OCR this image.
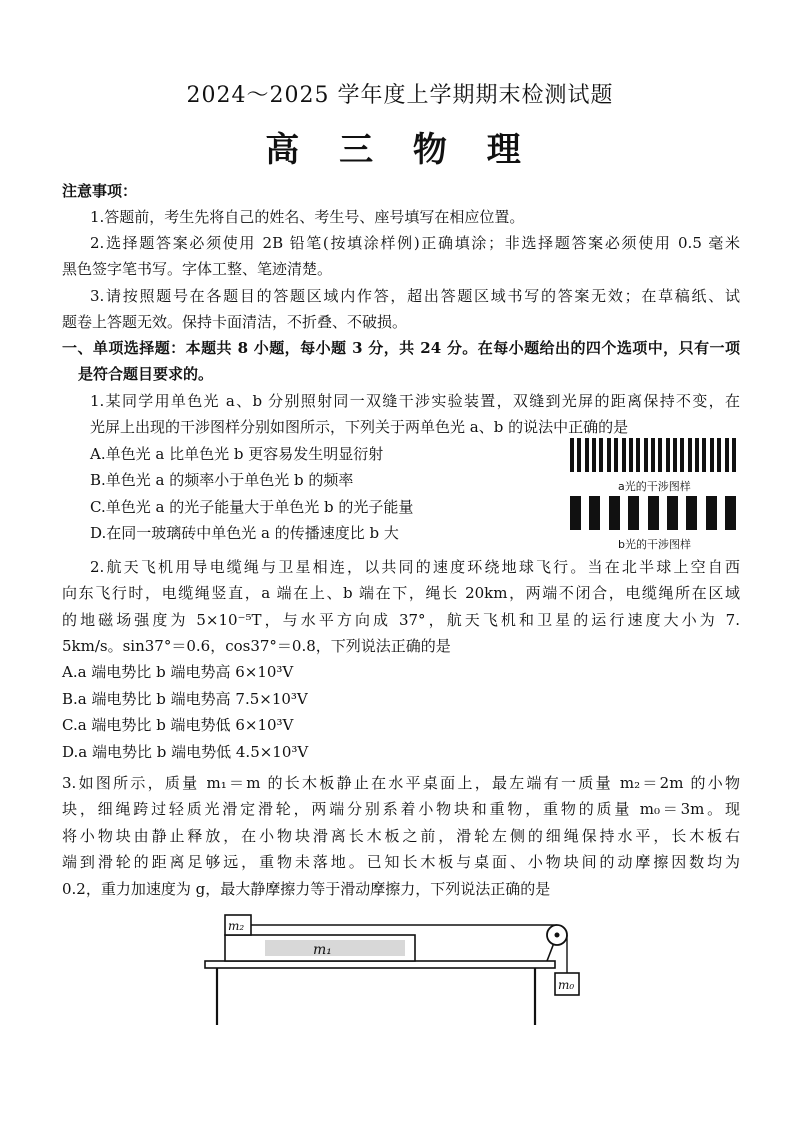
2024～2025 学年度上学期期末检测试题
高 三 物 理
注意事项：
1.答题前，考生先将自己的姓名、考生号、座号填写在相应位置。
2.选择题答案必须使用 2B 铅笔(按填涂样例)正确填涂；非选择题答案必须使用 0.5 毫米
黑色签字笔书写。字体工整、笔迹清楚。
3.请按照题号在各题目的答题区域内作答，超出答题区域书写的答案无效；在草稿纸、试
题卷上答题无效。保持卡面清洁，不折叠、不破损。
一、单项选择题：本题共 8 小题，每小题 3 分，共 24 分。在每小题给出的四个选项中，只有一项
是符合题目要求的。
1.某同学用单色光 a、b 分别照射同一双缝干涉实验装置，双缝到光屏的距离保持不变，在
光屏上出现的干涉图样分别如图所示，下列关于两单色光 a、b 的说法中正确的是
A.单色光 a 比单色光 b 更容易发生明显衍射
B.单色光 a 的频率小于单色光 b 的频率
C.单色光 a 的光子能量大于单色光 b 的光子能量
D.在同一玻璃砖中单色光 a 的传播速度比 b 大
a光的干涉图样
b光的干涉图样
2.航天飞机用导电缆绳与卫星相连，以共同的速度环绕地球飞行。当在北半球上空自西
向东飞行时，电缆绳竖直，a 端在上、b 端在下，绳长 20km，两端不闭合，电缆绳所在区域
的地磁场强度为 5×10⁻⁵T，与水平方向成 37°，航天飞机和卫星的运行速度大小为 7.
5km/s。sin37°＝0.6，cos37°＝0.8，下列说法正确的是
A.a 端电势比 b 端电势高 6×10³V
B.a 端电势比 b 端电势高 7.5×10³V
C.a 端电势比 b 端电势低 6×10³V
D.a 端电势比 b 端电势低 4.5×10³V
3.如图所示，质量 m₁＝m 的长木板静止在水平桌面上，最左端有一质量 m₂＝2m 的小物
块，细绳跨过轻质光滑定滑轮，两端分别系着小物块和重物，重物的质量 m₀＝3m。现
将小物块由静止释放，在小物块滑离长木板之前，滑轮左侧的细绳保持水平，长木板右
端到滑轮的距离足够远，重物未落地。已知长木板与桌面、小物块间的动摩擦因数均为
0.2，重力加速度为 g，最大静摩擦力等于滑动摩擦力，下列说法正确的是
m₁
m₂
m₀
